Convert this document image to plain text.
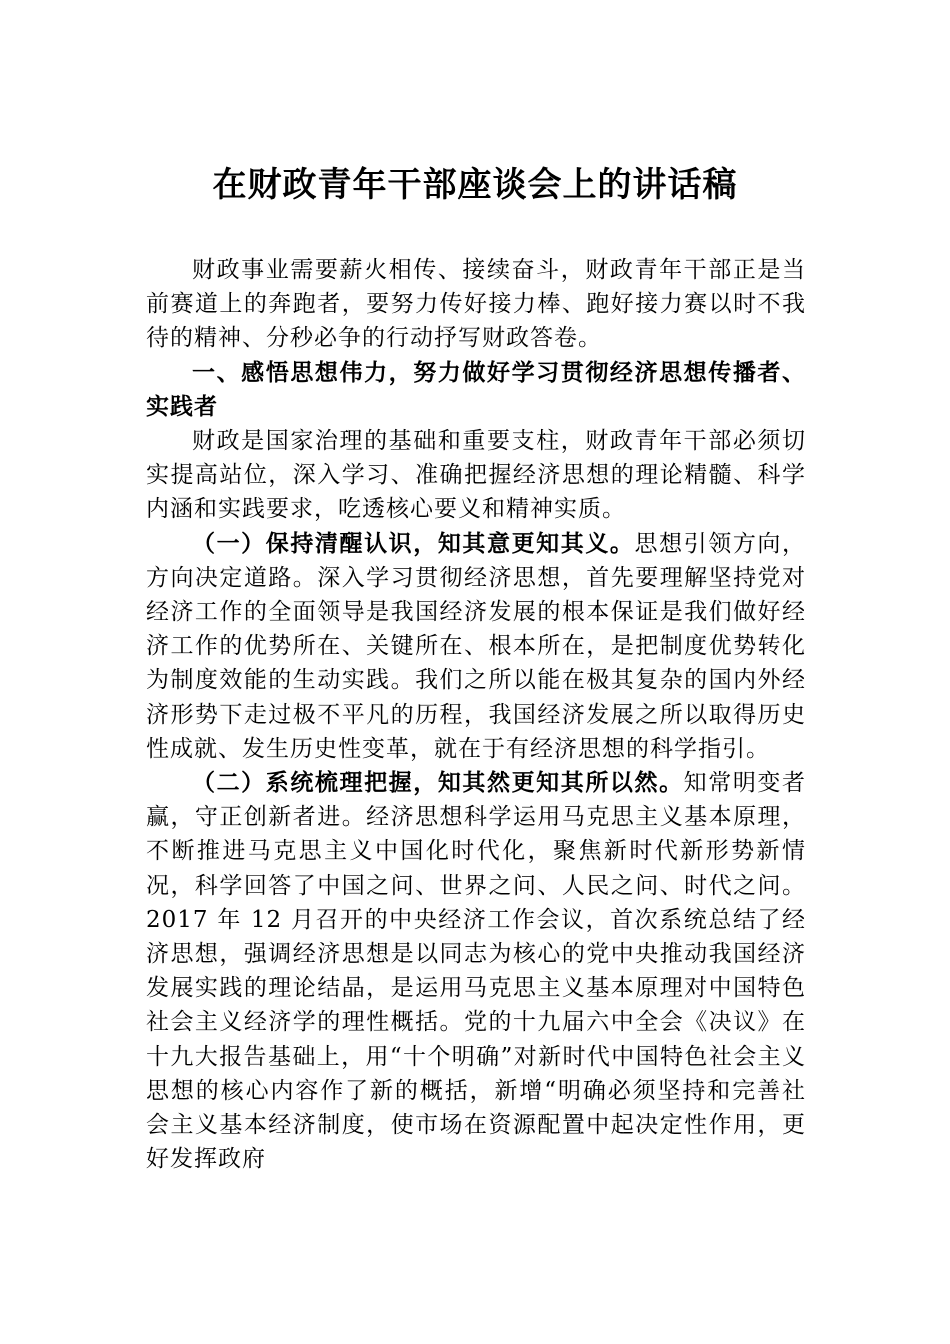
在财政青年干部座谈会上的讲话稿

财政事业需要薪火相传、接续奋斗，财政青年干部正是当前赛道上的奔跑者，要努力传好接力棒、跑好接力赛以时不我待的精神、分秒必争的行动抒写财政答卷。

一、感悟思想伟力，努力做好学习贯彻经济思想传播者、实践者

财政是国家治理的基础和重要支柱，财政青年干部必须切实提高站位，深入学习、准确把握经济思想的理论精髓、科学内涵和实践要求，吃透核心要义和精神实质。

（一）保持清醒认识，知其意更知其义。思想引领方向，方向决定道路。深入学习贯彻经济思想，首先要理解坚持党对经济工作的全面领导是我国经济发展的根本保证是我们做好经济工作的优势所在、关键所在、根本所在，是把制度优势转化为制度效能的生动实践。我们之所以能在极其复杂的国内外经济形势下走过极不平凡的历程，我国经济发展之所以取得历史性成就、发生历史性变革，就在于有经济思想的科学指引。

（二）系统梳理把握，知其然更知其所以然。知常明变者赢，守正创新者进。经济思想科学运用马克思主义基本原理，不断推进马克思主义中国化时代化，聚焦新时代新形势新情况，科学回答了中国之问、世界之问、人民之问、时代之问。2017 年 12 月召开的中央经济工作会议，首次系统总结了经济思想，强调经济思想是以同志为核心的党中央推动我国经济发展实践的理论结晶，是运用马克思主义基本原理对中国特色社会主义经济学的理性概括。党的十九届六中全会《决议》在十九大报告基础上，用“十个明确”对新时代中国特色社会主义思想的核心内容作了新的概括，新增“明确必须坚持和完善社会主义基本经济制度，使市场在资源配置中起决定性作用，更好发挥政府
